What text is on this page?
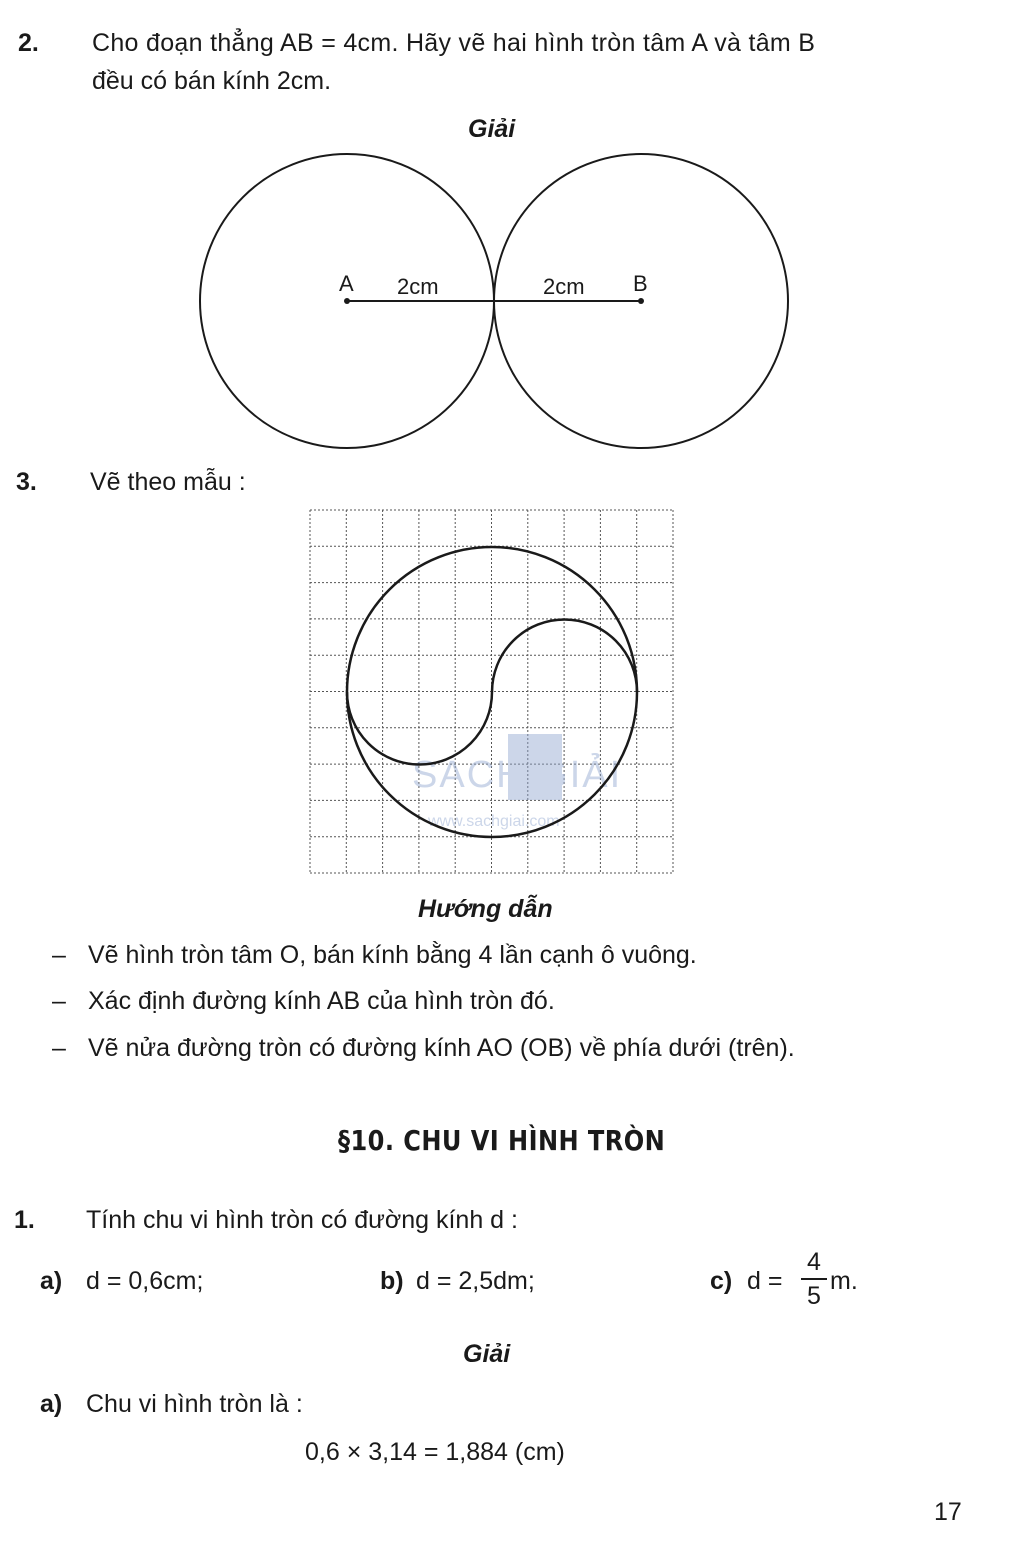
2. Cho đoạn thẳng AB = 4cm. Hãy vẽ hai hình tròn tâm A và tâm B
đều có bán kính 2cm.
Giải
A	B
2cm	2cm
3. Vẽ theo mẫu :
SÁCH GIẢI
www.sachgiai.com
Hướng dẫn
– Vẽ hình tròn tâm O, bán kính bằng 4 lần cạnh ô vuông.
– Xác định đường kính AB của hình tròn đó.
– Vẽ nửa đường tròn có đường kính AO (OB) về phía dưới (trên).
§10. CHU VI HÌNH TRÒN
1. Tính chu vi hình tròn có đường kính d :
a) d = 0,6cm;	b) d = 2,5dm;	c) d =
4
5
m.
Giải
a) Chu vi hình tròn là :
0,6 × 3,14 = 1,884 (cm)
17
